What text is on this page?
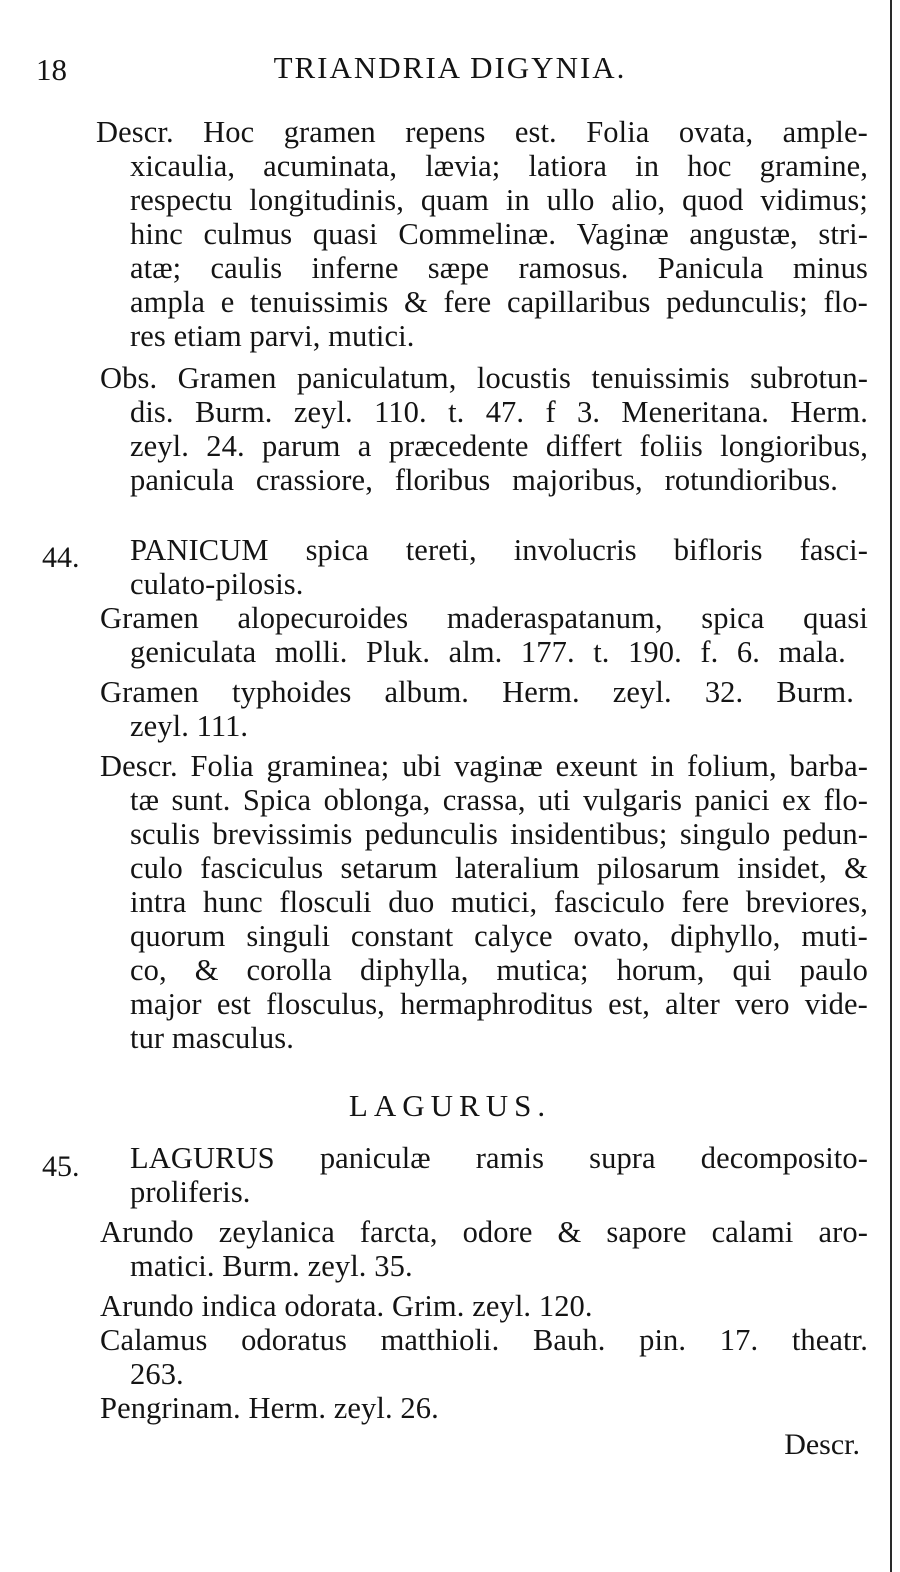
18	TRIANDRIA DIGYNIA.
Descr. Hoc gramen repens est. Folia ovata, ample-
xicaulia, acuminata, lævia; latiora in hoc gramine,
respectu longitudinis, quam in ullo alio, quod vidimus;
hinc culmus quasi Commelinæ. Vaginæ angustæ, stri-
atæ; caulis inferne sæpe ramosus. Panicula minus
ampla e tenuissimis & fere capillaribus pedunculis; flo-
res etiam parvi, mutici.
Obs. Gramen paniculatum, locustis tenuissimis subrotun-
dis. Burm. zeyl. 110. t. 47. f 3. Meneritana. Herm.
zeyl. 24. parum a præcedente differt foliis longioribus,
panicula crassiore, floribus majoribus, rotundioribus.
44. PANICUM spica tereti, involucris bifloris fasci-
culato-pilosis.
Gramen alopecuroides maderaspatanum, spica quasi
geniculata molli. Pluk. alm. 177. t. 190. f. 6. mala.
Gramen typhoides album. Herm. zeyl. 32. Burm.
zeyl. 111.
Descr. Folia graminea; ubi vaginæ exeunt in folium, barba-
tæ sunt. Spica oblonga, crassa, uti vulgaris panici ex flo-
sculis brevissimis pedunculis insidentibus; singulo pedun-
culo fasciculus setarum lateralium pilosarum insidet, &
intra hunc flosculi duo mutici, fasciculo fere breviores,
quorum singuli constant calyce ovato, diphyllo, muti-
co, & corolla diphylla, mutica; horum, qui paulo
major est flosculus, hermaphroditus est, alter vero vide-
tur masculus.
LAGURUS.
45. LAGURUS paniculæ ramis supra decomposito-
proliferis.
Arundo zeylanica farcta, odore & sapore calami aro-
matici. Burm. zeyl. 35.
Arundo indica odorata. Grim. zeyl. 120.
Calamus odoratus matthioli. Bauh. pin. 17. theatr.
263.
Pengrinam. Herm. zeyl. 26.
Descr.
